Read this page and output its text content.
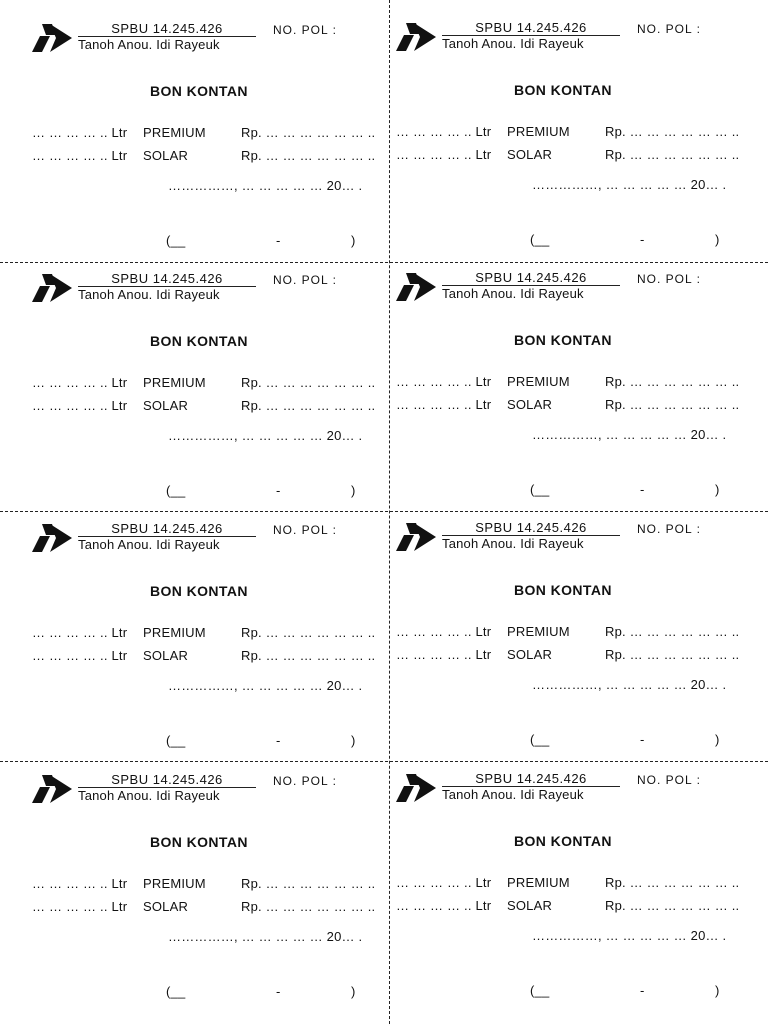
SPBU 14.245.426
Tanoh Anou. Idi Rayeuk
NO. POL :
BON KONTAN
… … … … .. Ltr PREMIUM	Rp. … … … … … … ..
… … … … .. Ltr SOLAR	Rp. … … … … … … ..
……………, … … … … … 20… .
(__	-	)
SPBU 14.245.426
Tanoh Anou. Idi Rayeuk
NO. POL :
BON KONTAN
… … … … .. Ltr PREMIUM	Rp. … … … … … … ..
… … … … .. Ltr SOLAR	Rp. … … … … … … ..
……………, … … … … … 20… .
(__	-	)
SPBU 14.245.426
Tanoh Anou. Idi Rayeuk
NO. POL :
BON KONTAN
… … … … .. Ltr PREMIUM	Rp. … … … … … … ..
… … … … .. Ltr SOLAR	Rp. … … … … … … ..
……………, … … … … … 20… .
(__	-	)
SPBU 14.245.426
Tanoh Anou. Idi Rayeuk
NO. POL :
BON KONTAN
… … … … .. Ltr PREMIUM	Rp. … … … … … … ..
… … … … .. Ltr SOLAR	Rp. … … … … … … ..
……………, … … … … … 20… .
(__	-	)
SPBU 14.245.426
Tanoh Anou. Idi Rayeuk
NO. POL :
BON KONTAN
… … … … .. Ltr PREMIUM	Rp. … … … … … … ..
… … … … .. Ltr SOLAR	Rp. … … … … … … ..
……………, … … … … … 20… .
(__	-	)
SPBU 14.245.426
Tanoh Anou. Idi Rayeuk
NO. POL :
BON KONTAN
… … … … .. Ltr PREMIUM	Rp. … … … … … … ..
… … … … .. Ltr SOLAR	Rp. … … … … … … ..
……………, … … … … … 20… .
(__	-	)
SPBU 14.245.426
Tanoh Anou. Idi Rayeuk
NO. POL :
BON KONTAN
… … … … .. Ltr PREMIUM	Rp. … … … … … … ..
… … … … .. Ltr SOLAR	Rp. … … … … … … ..
……………, … … … … … 20… .
(__	-	)
SPBU 14.245.426
Tanoh Anou. Idi Rayeuk
NO. POL :
BON KONTAN
… … … … .. Ltr PREMIUM	Rp. … … … … … … ..
… … … … .. Ltr SOLAR	Rp. … … … … … … ..
……………, … … … … … 20… .
(__	-	)
